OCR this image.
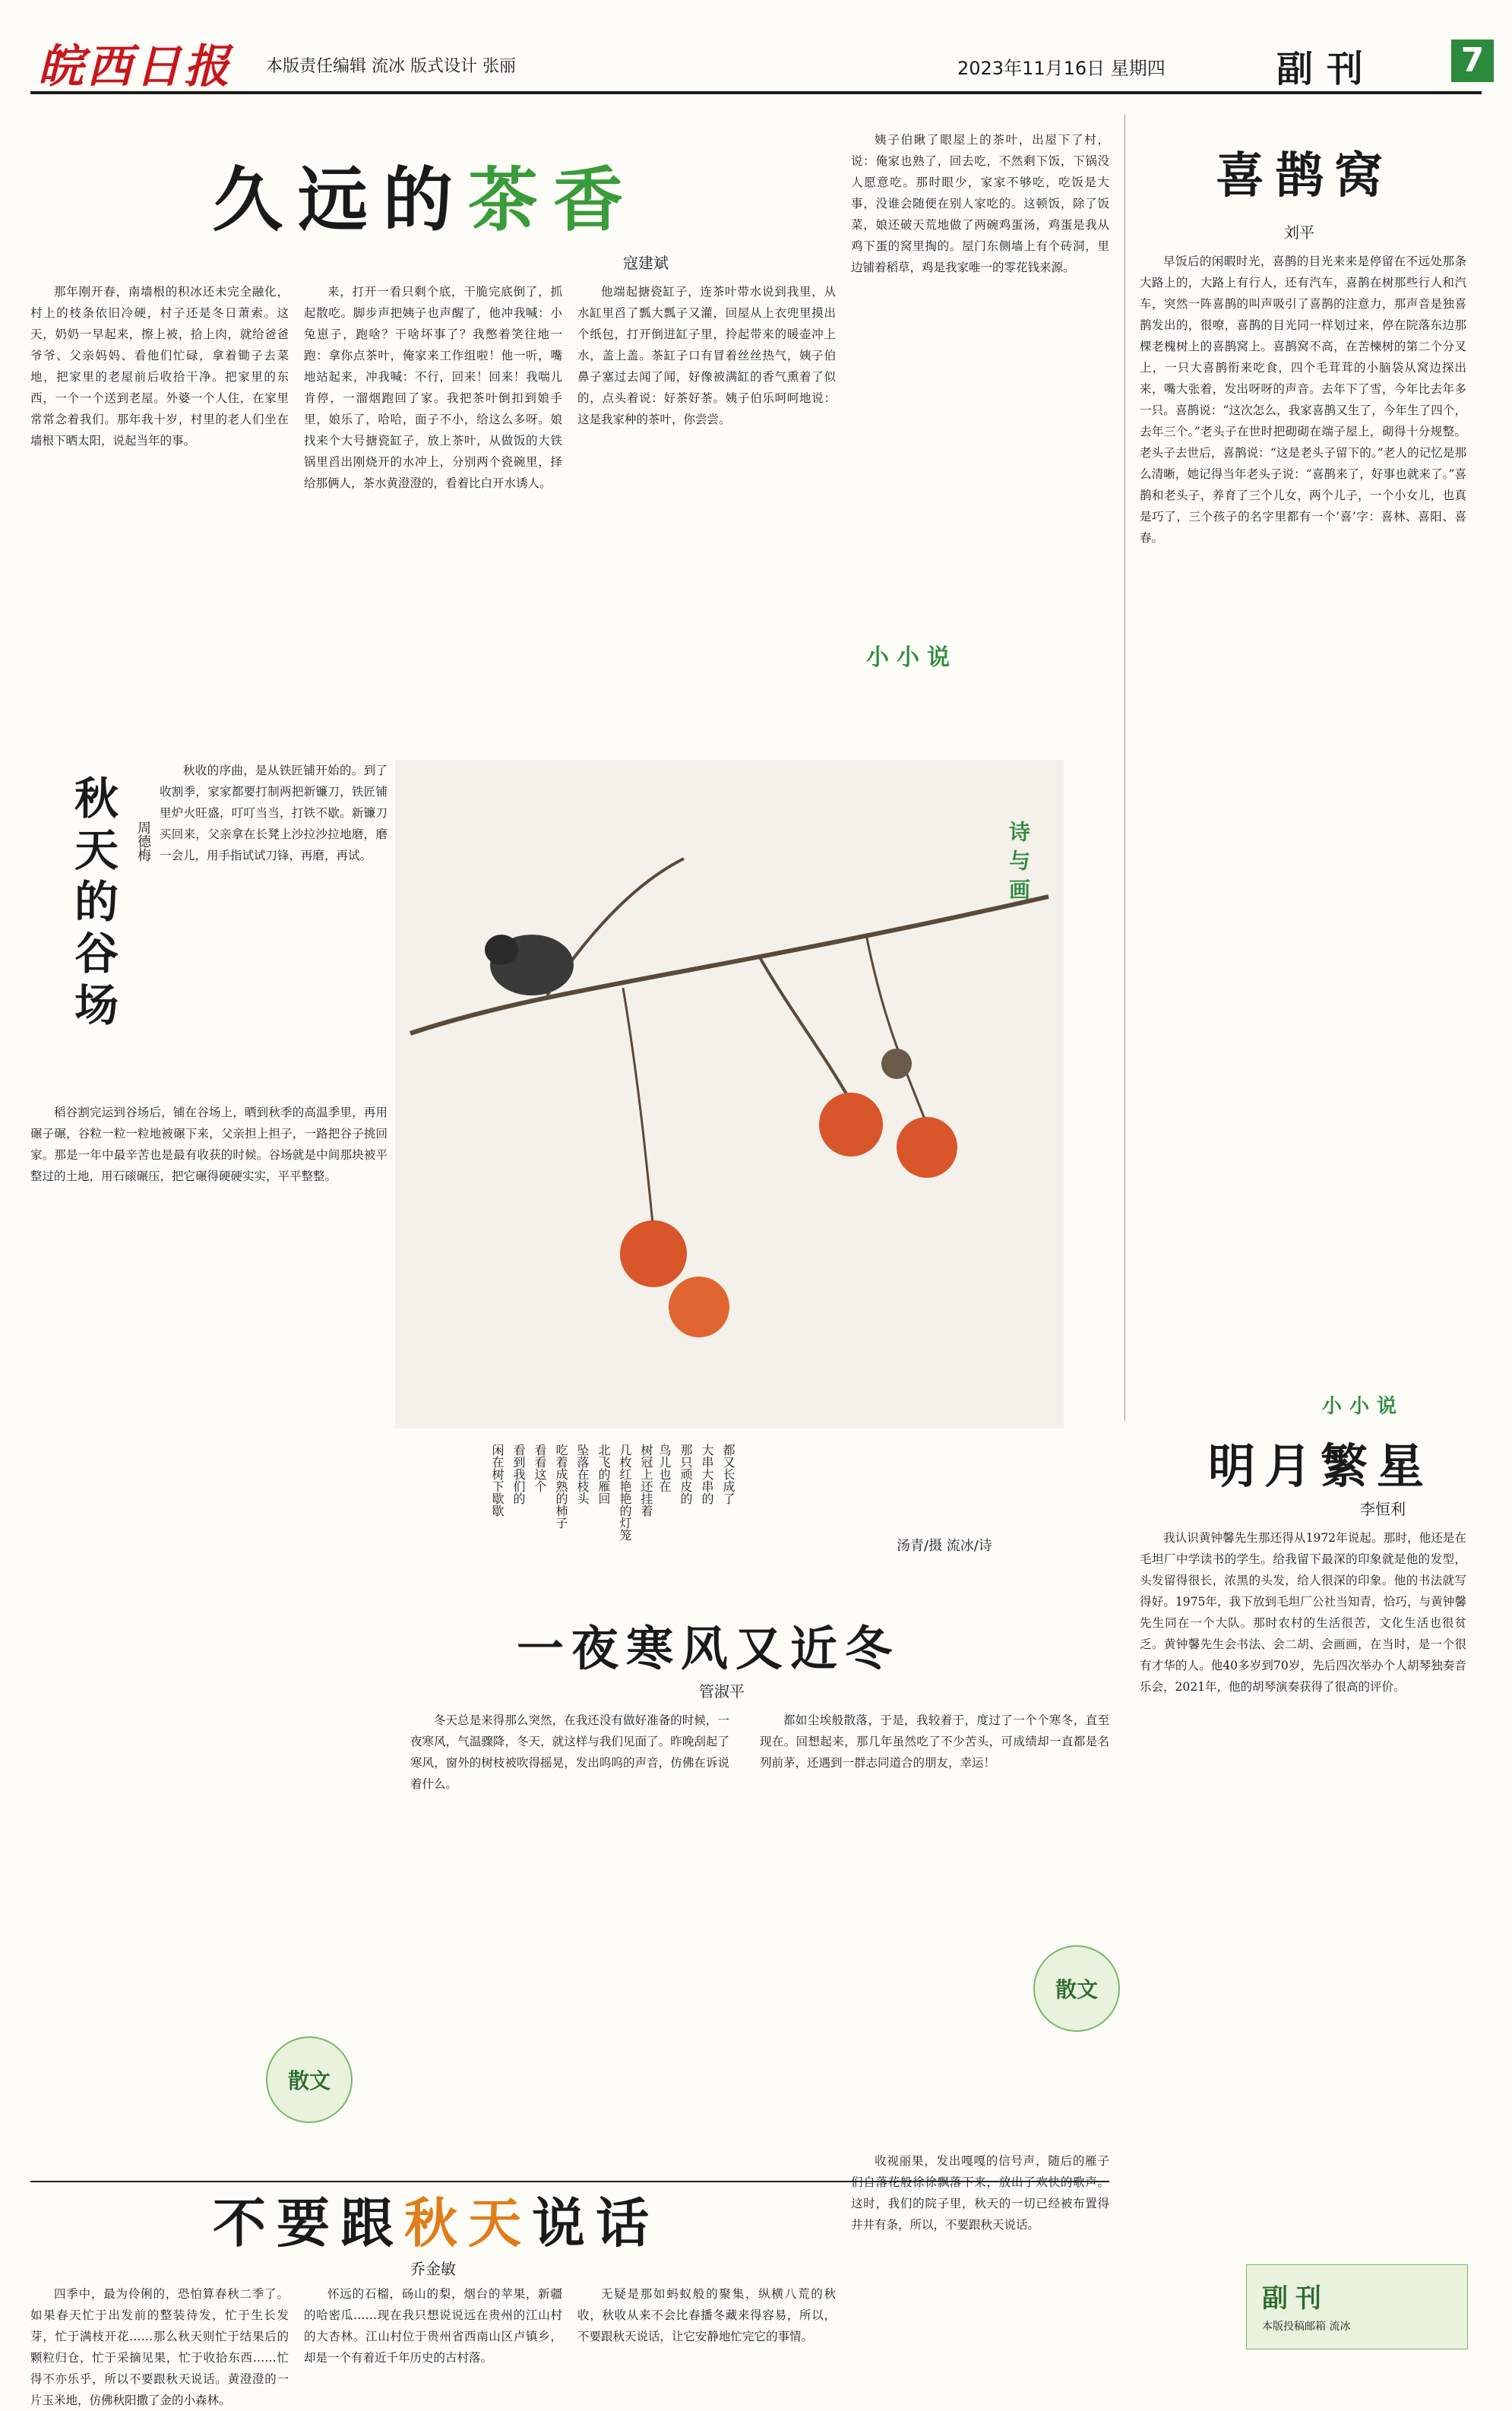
皖西日报 本版责任编辑 流冰 版式设计 张丽	2023年11月16日 星期四	副刊	7
久远的茶香
寇建斌

那年刚开春，南墙根的积冰还未完全融化，村上的枝条依旧冷硬，村子还是冬日萧索。这天，奶奶一早起来，擦上被，拾上肉，就给爸爸爷爷、父亲妈妈、看他们忙碌，拿着锄子去菜地，把家里的老屋前后收拾干净。把家里的东西，一个一个送到老屋。外婆一个人住，在家里常常念着我们。那年我十岁，村里的老人们坐在墙根下晒太阳，说起当年的事。

来，打开一看只剩个底，干脆完底倒了，抓起散吃。脚步声把姨子也声醒了，他冲我喊：小兔崽子，跑啥？干啥坏事了？我憋着笑往地一跑：拿你点茶叶，俺家来工作组啦！他一听，嘴地站起来，冲我喊：不行，回来！回来！我喘儿肯停，一溜烟跑回了家。我把茶叶倒扣到娘手里，娘乐了，哈哈，面子不小，给这么多呀。娘找来个大号搪瓷缸子，放上茶叶，从做饭的大铁锅里舀出刚烧开的水冲上，分别两个瓷碗里，择给那俩人，茶水黄澄澄的，看着比白开水诱人。

他端起搪瓷缸子，连茶叶带水说到我里，从水缸里舀了瓢大瓢子又灌，回屋从上衣兜里摸出个纸包，打开倒进缸子里，拎起带来的暖壶冲上水，盖上盖。茶缸子口有冒着丝丝热气，姨子伯鼻子塞过去闻了闻，好像被满缸的香气熏着了似的，点头着说：好茶好茶。姨子伯乐呵呵地说：这是我家种的茶叶，你尝尝。

姨子伯瞅了眼屋上的茶叶，出屋下了村，说：俺家也熟了，回去吃，不然剩下饭，下锅没人愿意吃。那时眼少，家家不够吃，吃饭是大事，没谁会随便在别人家吃的。这顿饭，除了饭菜，娘还破天荒地做了两碗鸡蛋汤，鸡蛋是我从鸡下蛋的窝里掏的。屋门东侧墙上有个砖洞，里边铺着稻草，鸡是我家唯一的零花钱来源。

小小说
喜鹊窝
刘平

早饭后的闲暇时光，喜鹊的目光来来是停留在不远处那条大路上的，大路上有行人，还有汽车，喜鹊在树那些行人和汽车，突然一阵喜鹊的叫声吸引了喜鹊的注意力，那声音是独喜鹊发出的，很嘹，喜鹊的目光同一样划过来，停在院落东边那棵老槐树上的喜鹊窝上。喜鹊窝不高，在苦楝树的第二个分叉上，一只大喜鹊衔来吃食，四个毛茸茸的小脑袋从窝边探出来，嘴大张着，发出呀呀的声音。去年下了雪，今年比去年多一只。喜鹊说：“这次怎么，我家喜鹊又生了，今年生了四个，去年三个。”老头子在世时把砌砌在端子屋上，砌得十分规整。老头子去世后，喜鹊说：“这是老头子留下的。”老人的记忆是那么清晰，她记得当年老头子说：“喜鹊来了，好事也就来了。”喜鹊和老头子，养育了三个儿女，两个儿子，一个小女儿，也真是巧了，三个孩子的名字里都有一个‘喜’字：喜林、喜阳、喜春。

小小说
秋天的谷场	周德梅

秋收的序曲，是从铁匠铺开始的。到了收割季，家家都要打制两把新镰刀，铁匠铺里炉火旺盛，叮叮当当，打铁不歇。新镰刀买回来，父亲拿在长凳上沙拉沙拉地磨，磨一会儿，用手指试试刀锋，再磨，再试。

稻谷割完运到谷场后，铺在谷场上，晒到秋季的高温季里，再用碾子碾，谷粒一粒一粒地被碾下来，父亲担上担子，一路把谷子挑回家。那是一年中最辛苦也是最有收获的时候。谷场就是中间那块被平整过的土地，用石磙碾压，把它碾得硬硬实实，平平整整。

诗与画
树冠上还挂着
几枚红艳艳的灯笼
北飞的雁回
坠落在枝头
吃着成熟的柿子
看看这个
看到我们的
闲在树下歇歇	都又长成了
大串大串的
那只顽皮的
鸟儿也在
汤青/摄 流冰/诗
一夜寒风又近冬
管淑平

冬天总是来得那么突然，在我还没有做好准备的时候，一夜寒风，气温骤降，冬天，就这样与我们见面了。昨晚刮起了寒风，窗外的树枝被吹得摇晃，发出呜呜的声音，仿佛在诉说着什么。

都如尘埃般散落，于是，我较着于，度过了一个个寒冬，直至现在。回想起来，那几年虽然吃了不少苦头，可成绩却一直都是名列前茅，还遇到一群志同道合的朋友，幸运！

散文
散文
明月繁星
李恒利

我认识黄钟馨先生那还得从1972年说起。那时，他还是在毛坦厂中学读书的学生。给我留下最深的印象就是他的发型，头发留得很长，浓黑的头发，给人很深的印象。他的书法就写得好。1975年，我下放到毛坦厂公社当知青，恰巧，与黄钟馨先生同在一个大队。那时农村的生活很苦，文化生活也很贫乏。黄钟馨先生会书法、会二胡、会画画，在当时，是一个很有才华的人。他40多岁到70岁，先后四次举办个人胡琴独奏音乐会，2021年，他的胡琴演奏获得了很高的评价。

不要跟秋天说话
乔金敏

四季中，最为伶俐的，恐怕算春秋二季了。如果春天忙于出发前的整装待发，忙于生长发芽，忙于满枝开花……那么秋天则忙于结果后的颗粒归仓，忙于采摘见果，忙于收拾东西……忙得不亦乐乎，所以不要跟秋天说话。黄澄澄的一片玉米地，仿佛秋阳撒了金的小森林。

怀远的石榴，砀山的梨，烟台的苹果，新疆的哈密瓜……现在我只想说说远在贵州的江山村的大杏林。江山村位于贵州省西南山区卢镇乡，却是一个有着近千年历史的古村落。

无疑是那如蚂蚁般的聚集，纵横八荒的秋收，秋收从来不会比春播冬藏来得容易，所以，不要跟秋天说话，让它安静地忙完它的事情。

收视丽果，发出嘎嘎的信号声，随后的雁子们自落花般徐徐飘落下来，放出了欢快的歌声。这时，我们的院子里，秋天的一切已经被布置得井井有条，所以，不要跟秋天说话。

副刊
本版投稿邮箱 流冰
